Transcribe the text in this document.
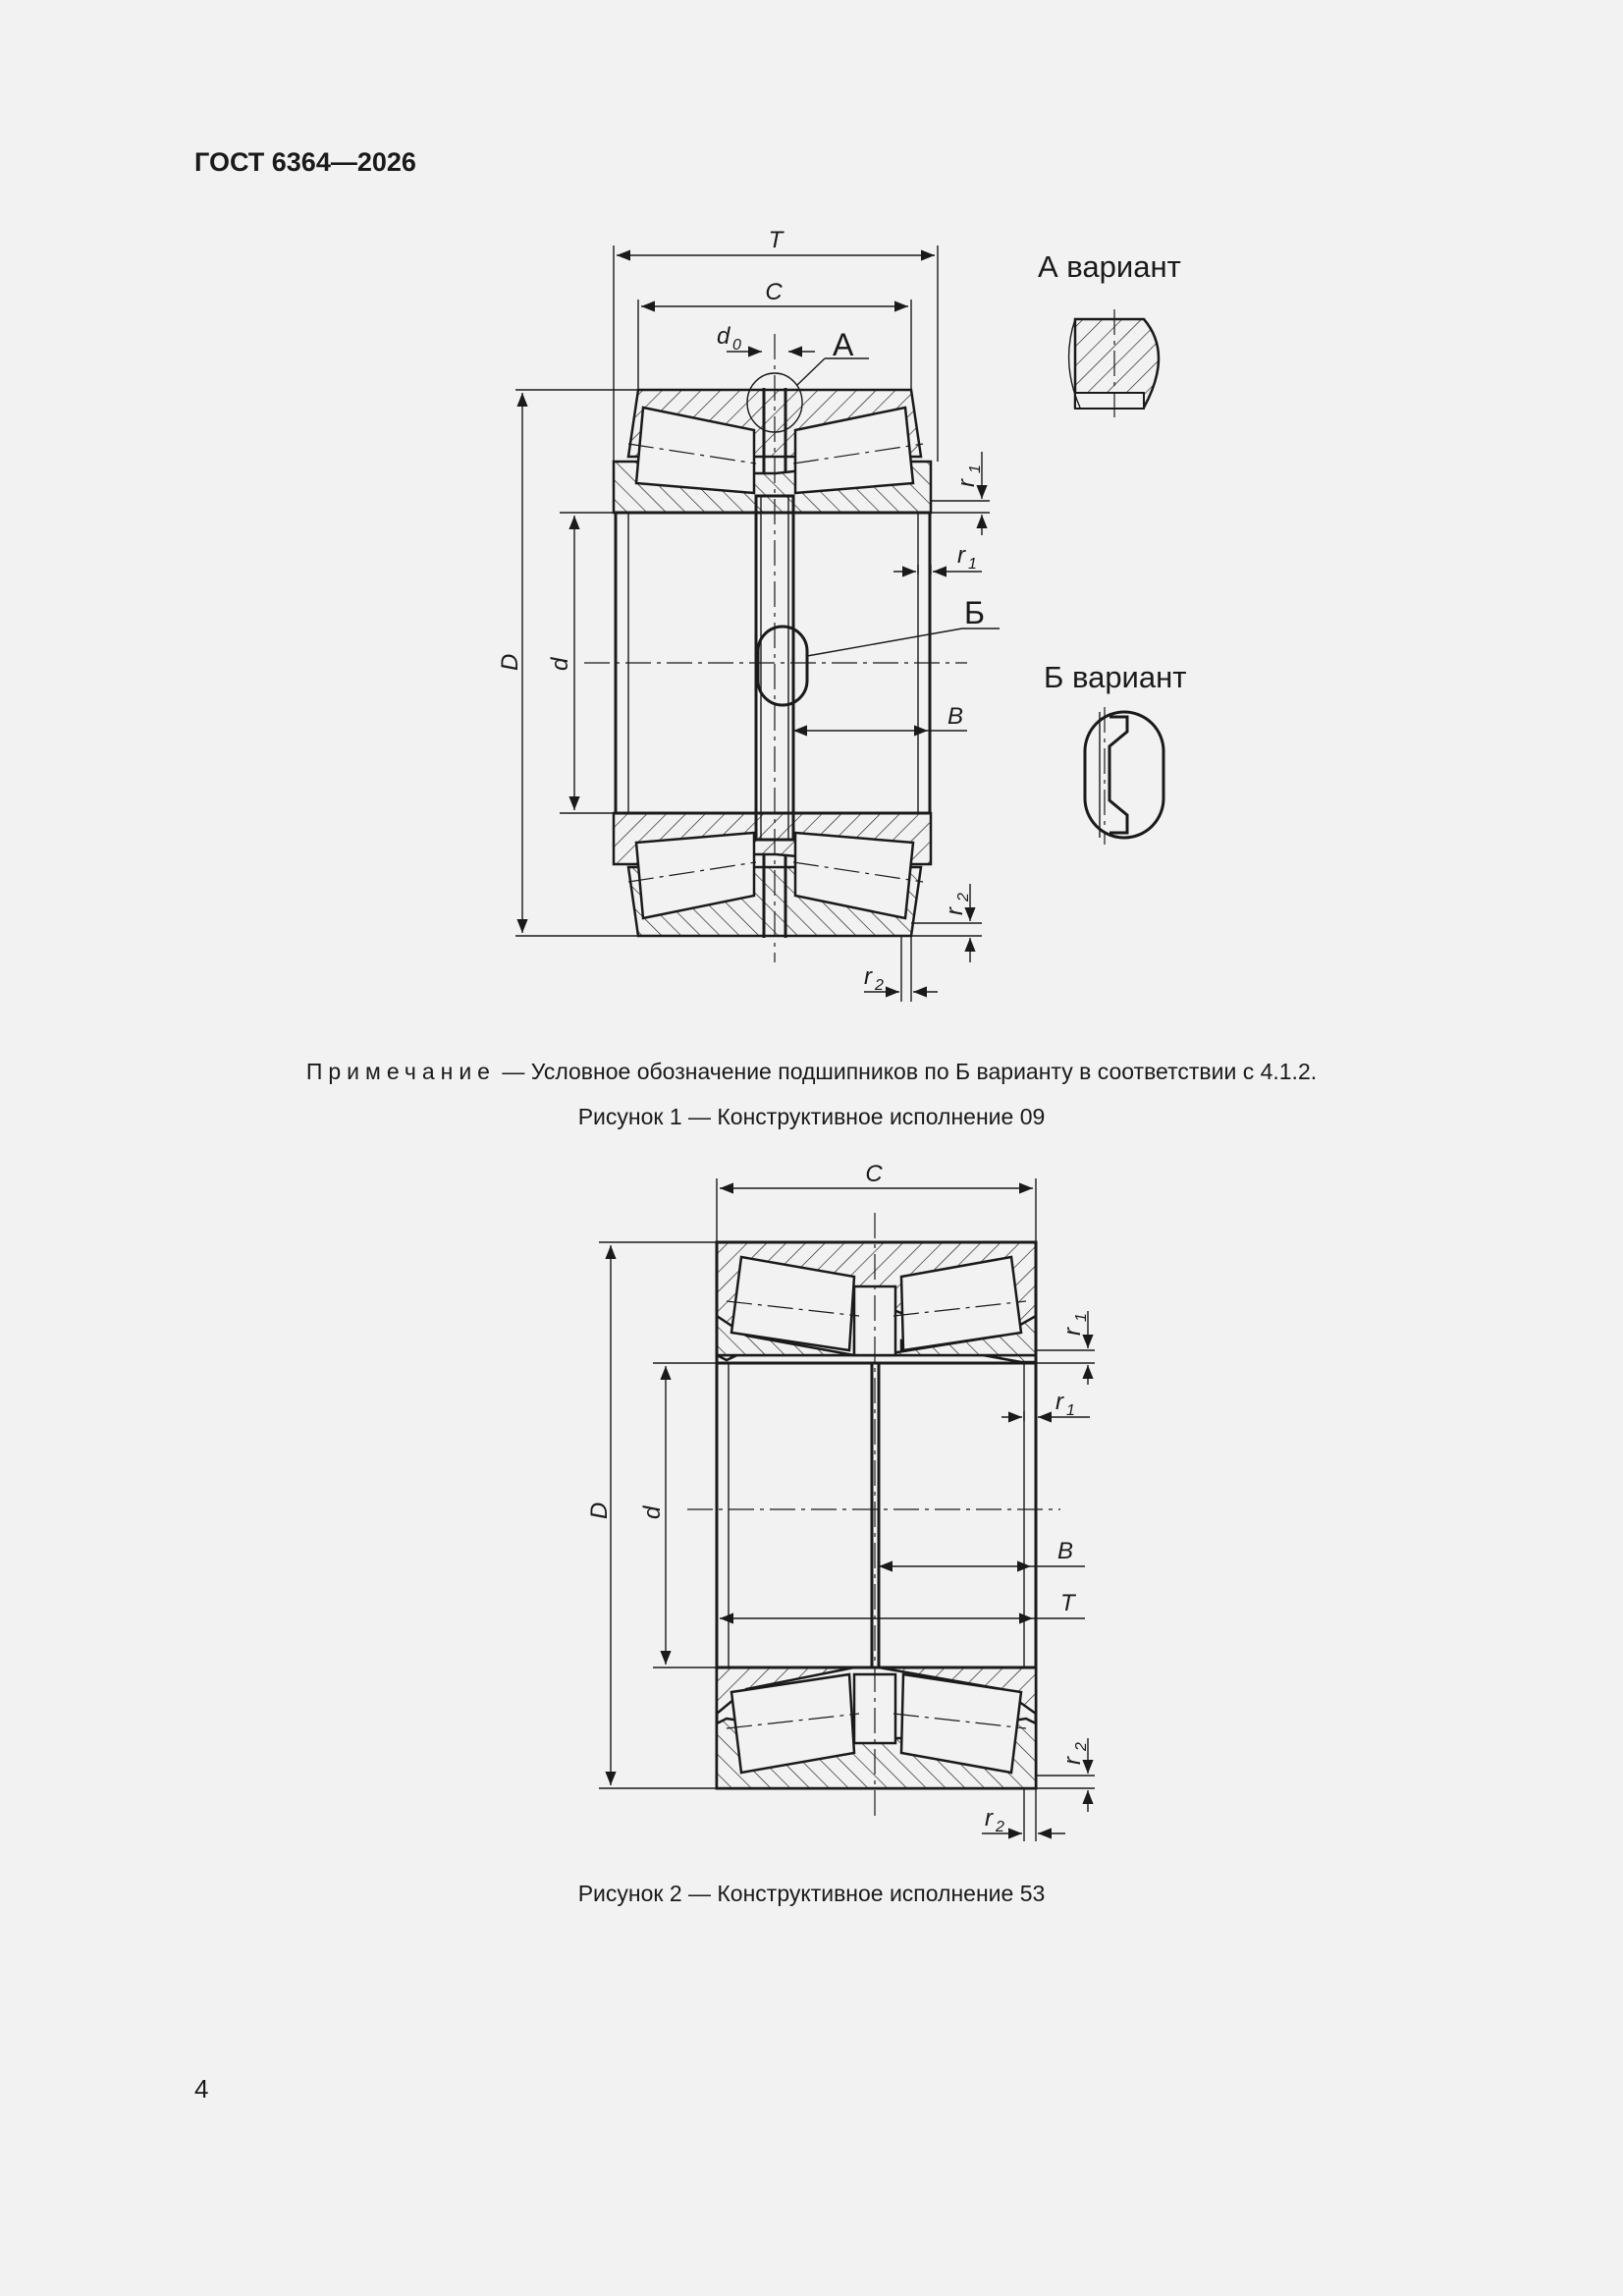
ГОСТ 6364—2026
T
C
d 0	А
D d
r
1
r 1
Б
B
r
2
r 2
А вариант
Б вариант
Примечание — Условное обозначение подшипников по Б варианту в соответствии с 4.1.2.
Рисунок 1 — Конструктивное исполнение 09
C
D d
B
T
r
1
r 1
r
2
r 2
Рисунок 2 — Конструктивное исполнение 53
4
